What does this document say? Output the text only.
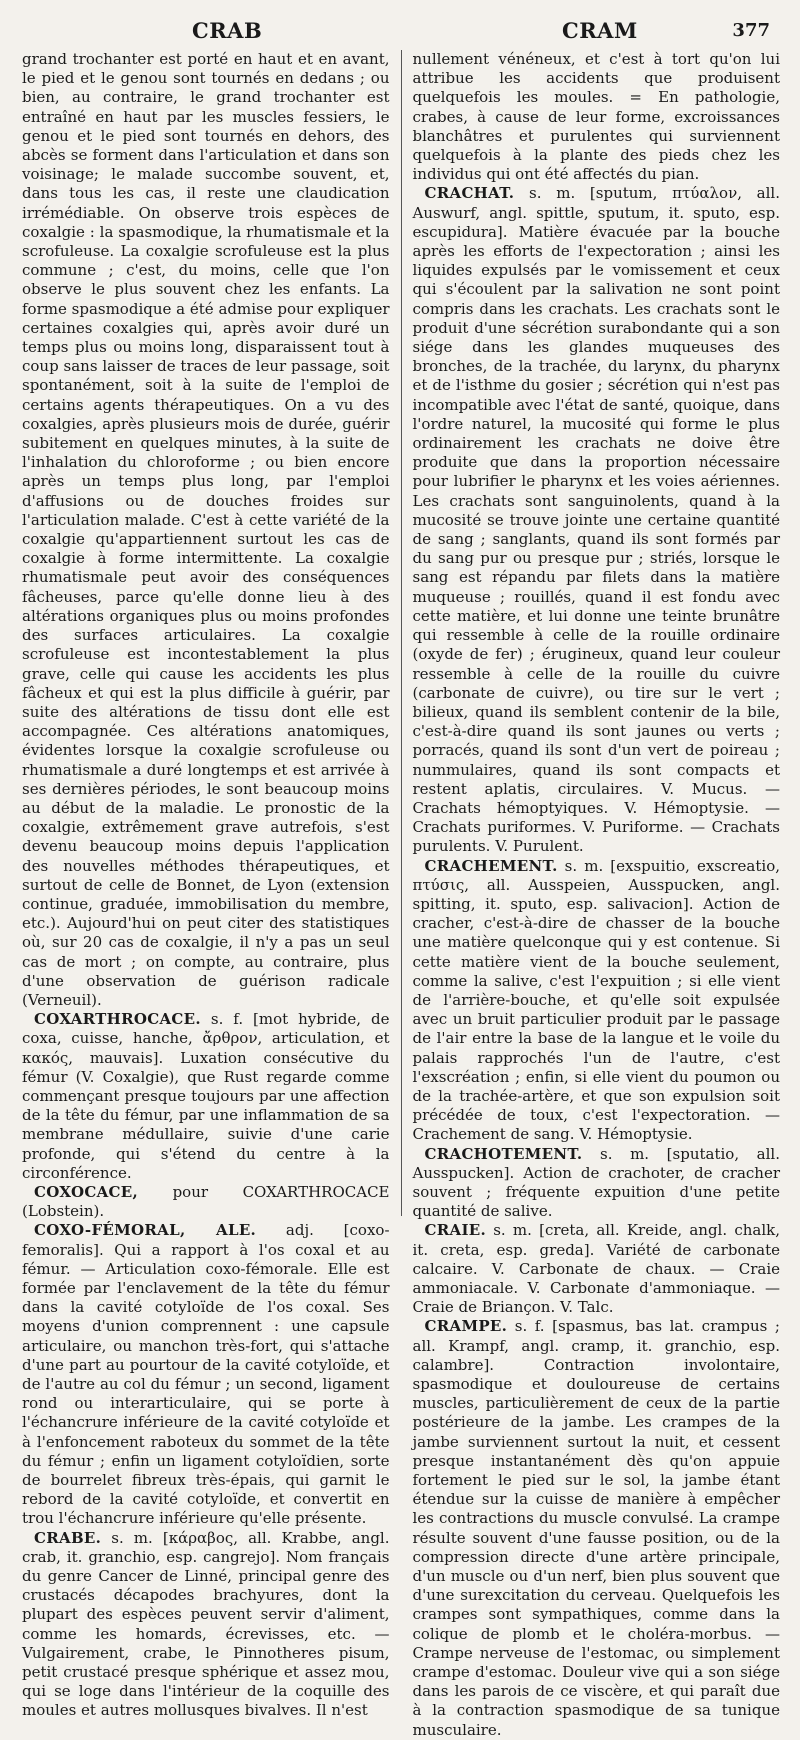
CRAB	CRAM	377

grand trochanter est porté en haut et en avant, le pied et le genou sont tournés en dedans ; ou bien, au contraire, le grand trochanter est entraîné en haut par les muscles fessiers, le genou et le pied sont tournés en dehors, des abcès se forment dans l'articulation et dans son voisinage; le malade succombe souvent, et, dans tous les cas, il reste une claudication irrémédiable. On observe trois espèces de coxalgie : la spasmodique, la rhumatismale et la scrofuleuse. La coxalgie scrofuleuse est la plus commune ; c'est, du moins, celle que l'on observe le plus souvent chez les enfants. La forme spasmodique a été admise pour expliquer certaines coxalgies qui, après avoir duré un temps plus ou moins long, disparaissent tout à coup sans laisser de traces de leur passage, soit spontanément, soit à la suite de l'emploi de certains agents thérapeutiques. On a vu des coxalgies, après plusieurs mois de durée, guérir subitement en quelques minutes, à la suite de l'inhalation du chloroforme ; ou bien encore après un temps plus long, par l'emploi d'affusions ou de douches froides sur l'articulation malade. C'est à cette variété de la coxalgie qu'appartiennent surtout les cas de coxalgie à forme intermittente. La coxalgie rhumatismale peut avoir des conséquences fâcheuses, parce qu'elle donne lieu à des altérations organiques plus ou moins profondes des surfaces articulaires. La coxalgie scrofuleuse est incontestablement la plus grave, celle qui cause les accidents les plus fâcheux et qui est la plus difficile à guérir, par suite des altérations de tissu dont elle est accompagnée. Ces altérations anatomiques, évidentes lorsque la coxalgie scrofuleuse ou rhumatismale a duré longtemps et est arrivée à ses dernières périodes, le sont beaucoup moins au début de la maladie. Le pronostic de la coxalgie, extrêmement grave autrefois, s'est devenu beaucoup moins depuis l'application des nouvelles méthodes thérapeutiques, et surtout de celle de Bonnet, de Lyon (extension continue, graduée, immobilisation du membre, etc.). Aujourd'hui on peut citer des statistiques où, sur 20 cas de coxalgie, il n'y a pas un seul cas de mort ; on compte, au contraire, plus d'une observation de guérison radicale (Verneuil).

COXARTHROCACE. s. f. [mot hybride, de coxa, cuisse, hanche, ἄρθρον, articulation, et κακός, mauvais]. Luxation consécutive du fémur (V. Coxalgie), que Rust regarde comme commençant presque toujours par une affection de la tête du fémur, par une inflammation de sa membrane médullaire, suivie d'une carie profonde, qui s'étend du centre à la circonférence.

COXOCACE, pour COXARTHROCACE (Lobstein).

COXO-FÉMORAL, ALE. adj. [coxo-femoralis]. Qui a rapport à l'os coxal et au fémur. — Articulation coxo-fémorale. Elle est formée par l'enclavement de la tête du fémur dans la cavité cotyloïde de l'os coxal. Ses moyens d'union comprennent : une capsule articulaire, ou manchon très-fort, qui s'attache d'une part au pourtour de la cavité cotyloïde, et de l'autre au col du fémur ; un second, ligament rond ou interarticulaire, qui se porte à l'échancrure inférieure de la cavité cotyloïde et à l'enfoncement raboteux du sommet de la tête du fémur ; enfin un ligament cotyloïdien, sorte de bourrelet fibreux très-épais, qui garnit le rebord de la cavité cotyloïde, et convertit en trou l'échancrure inférieure qu'elle présente.

CRABE. s. m. [κάραβος, all. Krabbe, angl. crab, it. granchio, esp. cangrejo]. Nom français du genre Cancer de Linné, principal genre des crustacés décapodes brachyures, dont la plupart des espèces peuvent servir d'aliment, comme les homards, écrevisses, etc. — Vulgairement, crabe, le Pinnotheres pisum, petit crustacé presque sphérique et assez mou, qui se loge dans l'intérieur de la coquille des moules et autres mollusques bivalves. Il n'est

nullement vénéneux, et c'est à tort qu'on lui attribue les accidents que produisent quelquefois les moules. = En pathologie, crabes, à cause de leur forme, excroissances blanchâtres et purulentes qui surviennent quelquefois à la plante des pieds chez les individus qui ont été affectés du pian.

CRACHAT. s. m. [sputum, πτύαλον, all. Auswurf, angl. spittle, sputum, it. sputo, esp. escupidura]. Matière évacuée par la bouche après les efforts de l'expectoration ; ainsi les liquides expulsés par le vomissement et ceux qui s'écoulent par la salivation ne sont point compris dans les crachats. Les crachats sont le produit d'une sécrétion surabondante qui a son siége dans les glandes muqueuses des bronches, de la trachée, du larynx, du pharynx et de l'isthme du gosier ; sécrétion qui n'est pas incompatible avec l'état de santé, quoique, dans l'ordre naturel, la mucosité qui forme le plus ordinairement les crachats ne doive être produite que dans la proportion nécessaire pour lubrifier le pharynx et les voies aériennes. Les crachats sont sanguinolents, quand à la mucosité se trouve jointe une certaine quantité de sang ; sanglants, quand ils sont formés par du sang pur ou presque pur ; striés, lorsque le sang est répandu par filets dans la matière muqueuse ; rouillés, quand il est fondu avec cette matière, et lui donne une teinte brunâtre qui ressemble à celle de la rouille ordinaire (oxyde de fer) ; érugineux, quand leur couleur ressemble à celle de la rouille du cuivre (carbonate de cuivre), ou tire sur le vert ; bilieux, quand ils semblent contenir de la bile, c'est-à-dire quand ils sont jaunes ou verts ; porracés, quand ils sont d'un vert de poireau ; nummulaires, quand ils sont compacts et restent aplatis, circulaires. V. Mucus. — Crachats hémoptyiques. V. Hémoptysie. — Crachats puriformes. V. Puriforme. — Crachats purulents. V. Purulent.

CRACHEMENT. s. m. [exspuitio, exscreatio, πτύσις, all. Ausspeien, Ausspucken, angl. spitting, it. sputo, esp. salivacion]. Action de cracher, c'est-à-dire de chasser de la bouche une matière quelconque qui y est contenue. Si cette matière vient de la bouche seulement, comme la salive, c'est l'expuition ; si elle vient de l'arrière-bouche, et qu'elle soit expulsée avec un bruit particulier produit par le passage de l'air entre la base de la langue et le voile du palais rapprochés l'un de l'autre, c'est l'exscréation ; enfin, si elle vient du poumon ou de la trachée-artère, et que son expulsion soit précédée de toux, c'est l'expectoration. — Crachement de sang. V. Hémoptysie.

CRACHOTEMENT. s. m. [sputatio, all. Ausspucken]. Action de crachoter, de cracher souvent ; fréquente expuition d'une petite quantité de salive.

CRAIE. s. m. [creta, all. Kreide, angl. chalk, it. creta, esp. greda]. Variété de carbonate calcaire. V. Carbonate de chaux. — Craie ammoniacale. V. Carbonate d'ammoniaque. — Craie de Briançon. V. Talc.

CRAMPE. s. f. [spasmus, bas lat. crampus ; all. Krampf, angl. cramp, it. granchio, esp. calambre]. Contraction involontaire, spasmodique et douloureuse de certains muscles, particulièrement de ceux de la partie postérieure de la jambe. Les crampes de la jambe surviennent surtout la nuit, et cessent presque instantanément dès qu'on appuie fortement le pied sur le sol, la jambe étant étendue sur la cuisse de manière à empêcher les contractions du muscle convulsé. La crampe résulte souvent d'une fausse position, ou de la compression directe d'une artère principale, d'un muscle ou d'un nerf, bien plus souvent que d'une surexcitation du cerveau. Quelquefois les crampes sont sympathiques, comme dans la colique de plomb et le choléra-morbus. — Crampe nerveuse de l'estomac, ou simplement crampe d'estomac. Douleur vive qui a son siége dans les parois de ce viscère, et qui paraît due à la contraction spasmodique de sa tunique musculaire.
